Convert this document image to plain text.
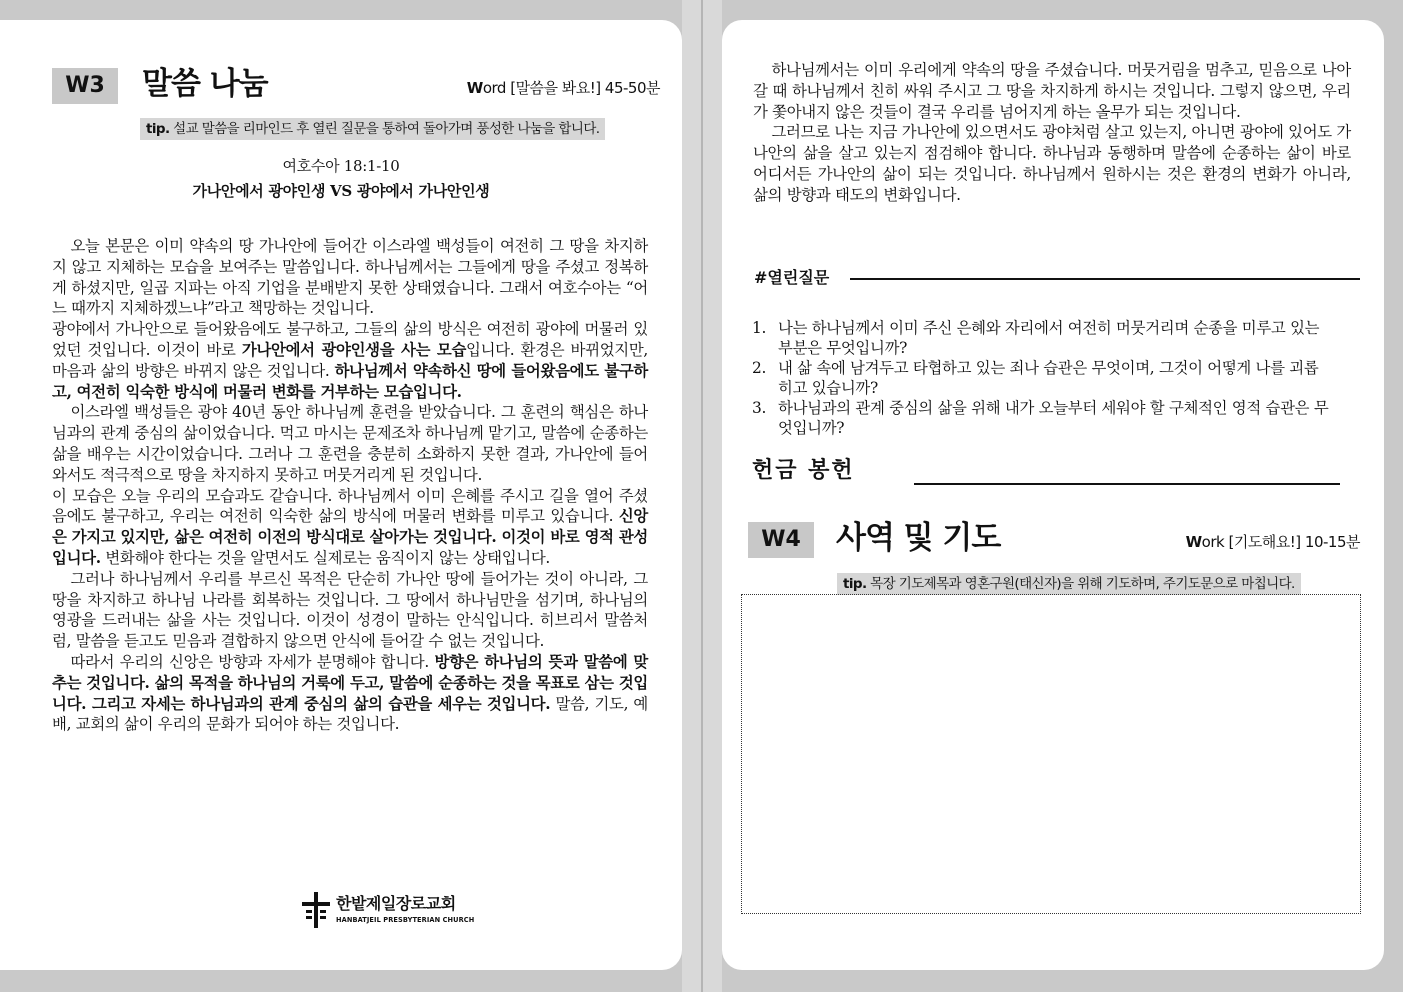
W3	말씀 나눔	Word [말씀을 봐요!] 45-50분
tip. 설교 말씀을 리마인드 후 열린 질문을 통하여 돌아가며 풍성한 나눔을 합니다.
여호수아 18:1-10
가나안에서 광야인생 VS 광야에서 가나안인생

오늘 본문은 이미 약속의 땅 가나안에 들어간 이스라엘 백성들이 여전히 그 땅을 차지하지 않고 지체하는 모습을 보여주는 말씀입니다. 하나님께서는 그들에게 땅을 주셨고 정복하게 하셨지만, 일곱 지파는 아직 기업을 분배받지 못한 상태였습니다. 그래서 여호수아는 “어느 때까지 지체하겠느냐”라고 책망하는 것입니다.

광야에서 가나안으로 들어왔음에도 불구하고, 그들의 삶의 방식은 여전히 광야에 머물러 있었던 것입니다. 이것이 바로 가나안에서 광야인생을 사는 모습입니다. 환경은 바뀌었지만, 마음과 삶의 방향은 바뀌지 않은 것입니다. 하나님께서 약속하신 땅에 들어왔음에도 불구하고, 여전히 익숙한 방식에 머물러 변화를 거부하는 모습입니다.

이스라엘 백성들은 광야 40년 동안 하나님께 훈련을 받았습니다. 그 훈련의 핵심은 하나님과의 관계 중심의 삶이었습니다. 먹고 마시는 문제조차 하나님께 맡기고, 말씀에 순종하는 삶을 배우는 시간이었습니다. 그러나 그 훈련을 충분히 소화하지 못한 결과, 가나안에 들어와서도 적극적으로 땅을 차지하지 못하고 머뭇거리게 된 것입니다.

이 모습은 오늘 우리의 모습과도 같습니다. 하나님께서 이미 은혜를 주시고 길을 열어 주셨음에도 불구하고, 우리는 여전히 익숙한 삶의 방식에 머물러 변화를 미루고 있습니다. 신앙은 가지고 있지만, 삶은 여전히 이전의 방식대로 살아가는 것입니다. 이것이 바로 영적 관성입니다. 변화해야 한다는 것을 알면서도 실제로는 움직이지 않는 상태입니다.

그러나 하나님께서 우리를 부르신 목적은 단순히 가나안 땅에 들어가는 것이 아니라, 그 땅을 차지하고 하나님 나라를 회복하는 것입니다. 그 땅에서 하나님만을 섬기며, 하나님의 영광을 드러내는 삶을 사는 것입니다. 이것이 성경이 말하는 안식입니다. 히브리서 말씀처럼, 말씀을 듣고도 믿음과 결합하지 않으면 안식에 들어갈 수 없는 것입니다.

따라서 우리의 신앙은 방향과 자세가 분명해야 합니다. 방향은 하나님의 뜻과 말씀에 맞추는 것입니다. 삶의 목적을 하나님의 거룩에 두고, 말씀에 순종하는 것을 목표로 삼는 것입니다. 그리고 자세는 하나님과의 관계 중심의 삶의 습관을 세우는 것입니다. 말씀, 기도, 예배, 교회의 삶이 우리의 문화가 되어야 하는 것입니다.

한밭제일장로교회
HANBATJEIL PRESBYTERIAN CHURCH

하나님께서는 이미 우리에게 약속의 땅을 주셨습니다. 머뭇거림을 멈추고, 믿음으로 나아갈 때 하나님께서 친히 싸워 주시고 그 땅을 차지하게 하시는 것입니다. 그렇지 않으면, 우리가 쫓아내지 않은 것들이 결국 우리를 넘어지게 하는 올무가 되는 것입니다.

그러므로 나는 지금 가나안에 있으면서도 광야처럼 살고 있는지, 아니면 광야에 있어도 가나안의 삶을 살고 있는지 점검해야 합니다. 하나님과 동행하며 말씀에 순종하는 삶이 바로 어디서든 가나안의 삶이 되는 것입니다. 하나님께서 원하시는 것은 환경의 변화가 아니라, 삶의 방향과 태도의 변화입니다.

#열린질문
1. 나는 하나님께서 이미 주신 은혜와 자리에서 여전히 머뭇거리며 순종을 미루고 있는 부분은 무엇입니까?
2. 내 삶 속에 남겨두고 타협하고 있는 죄나 습관은 무엇이며, 그것이 어떻게 나를 괴롭히고 있습니까?
3. 하나님과의 관계 중심의 삶을 위해 내가 오늘부터 세워야 할 구체적인 영적 습관은 무엇입니까?
헌금 봉헌
W4	사역 및 기도	Work [기도해요!] 10-15분
tip. 목장 기도제목과 영혼구원(태신자)을 위해 기도하며, 주기도문으로 마칩니다.
